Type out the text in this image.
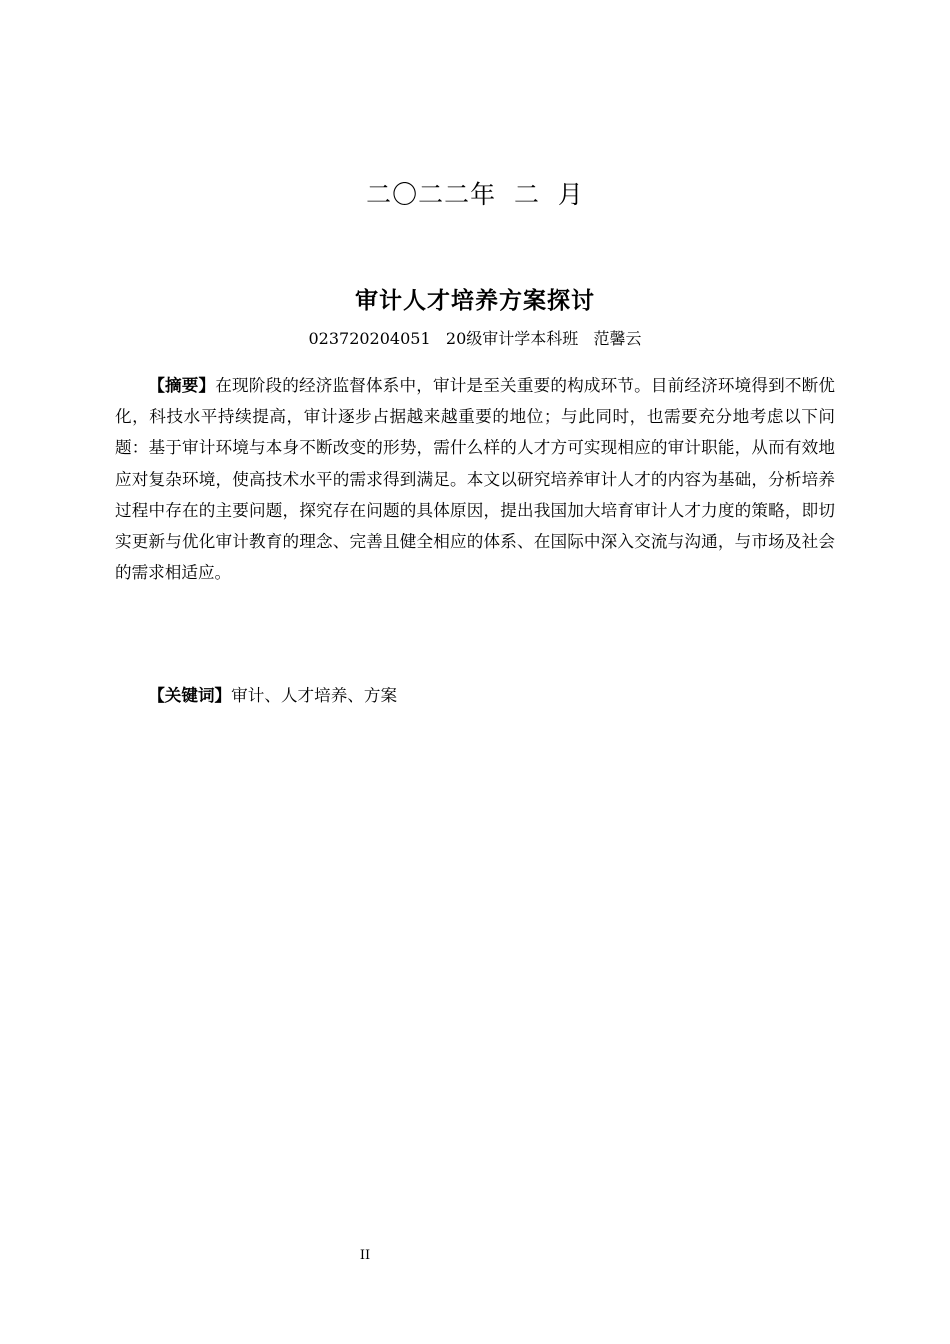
二〇二二年  二  月
审计人才培养方案探讨
023720204051   20级审计学本科班   范馨云

【摘要】在现阶段的经济监督体系中，审计是至关重要的构成环节。目前经济环境得到不断优化，科技水平持续提高，审计逐步占据越来越重要的地位；与此同时，也需要充分地考虑以下问题：基于审计环境与本身不断改变的形势，需什么样的人才方可实现相应的审计职能，从而有效地应对复杂环境，使高技术水平的需求得到满足。本文以研究培养审计人才的内容为基础，分析培养过程中存在的主要问题，探究存在问题的具体原因，提出我国加大培育审计人才力度的策略，即切实更新与优化审计教育的理念、完善且健全相应的体系、在国际中深入交流与沟通，与市场及社会的需求相适应。

【关键词】审计、人才培养、方案

II
